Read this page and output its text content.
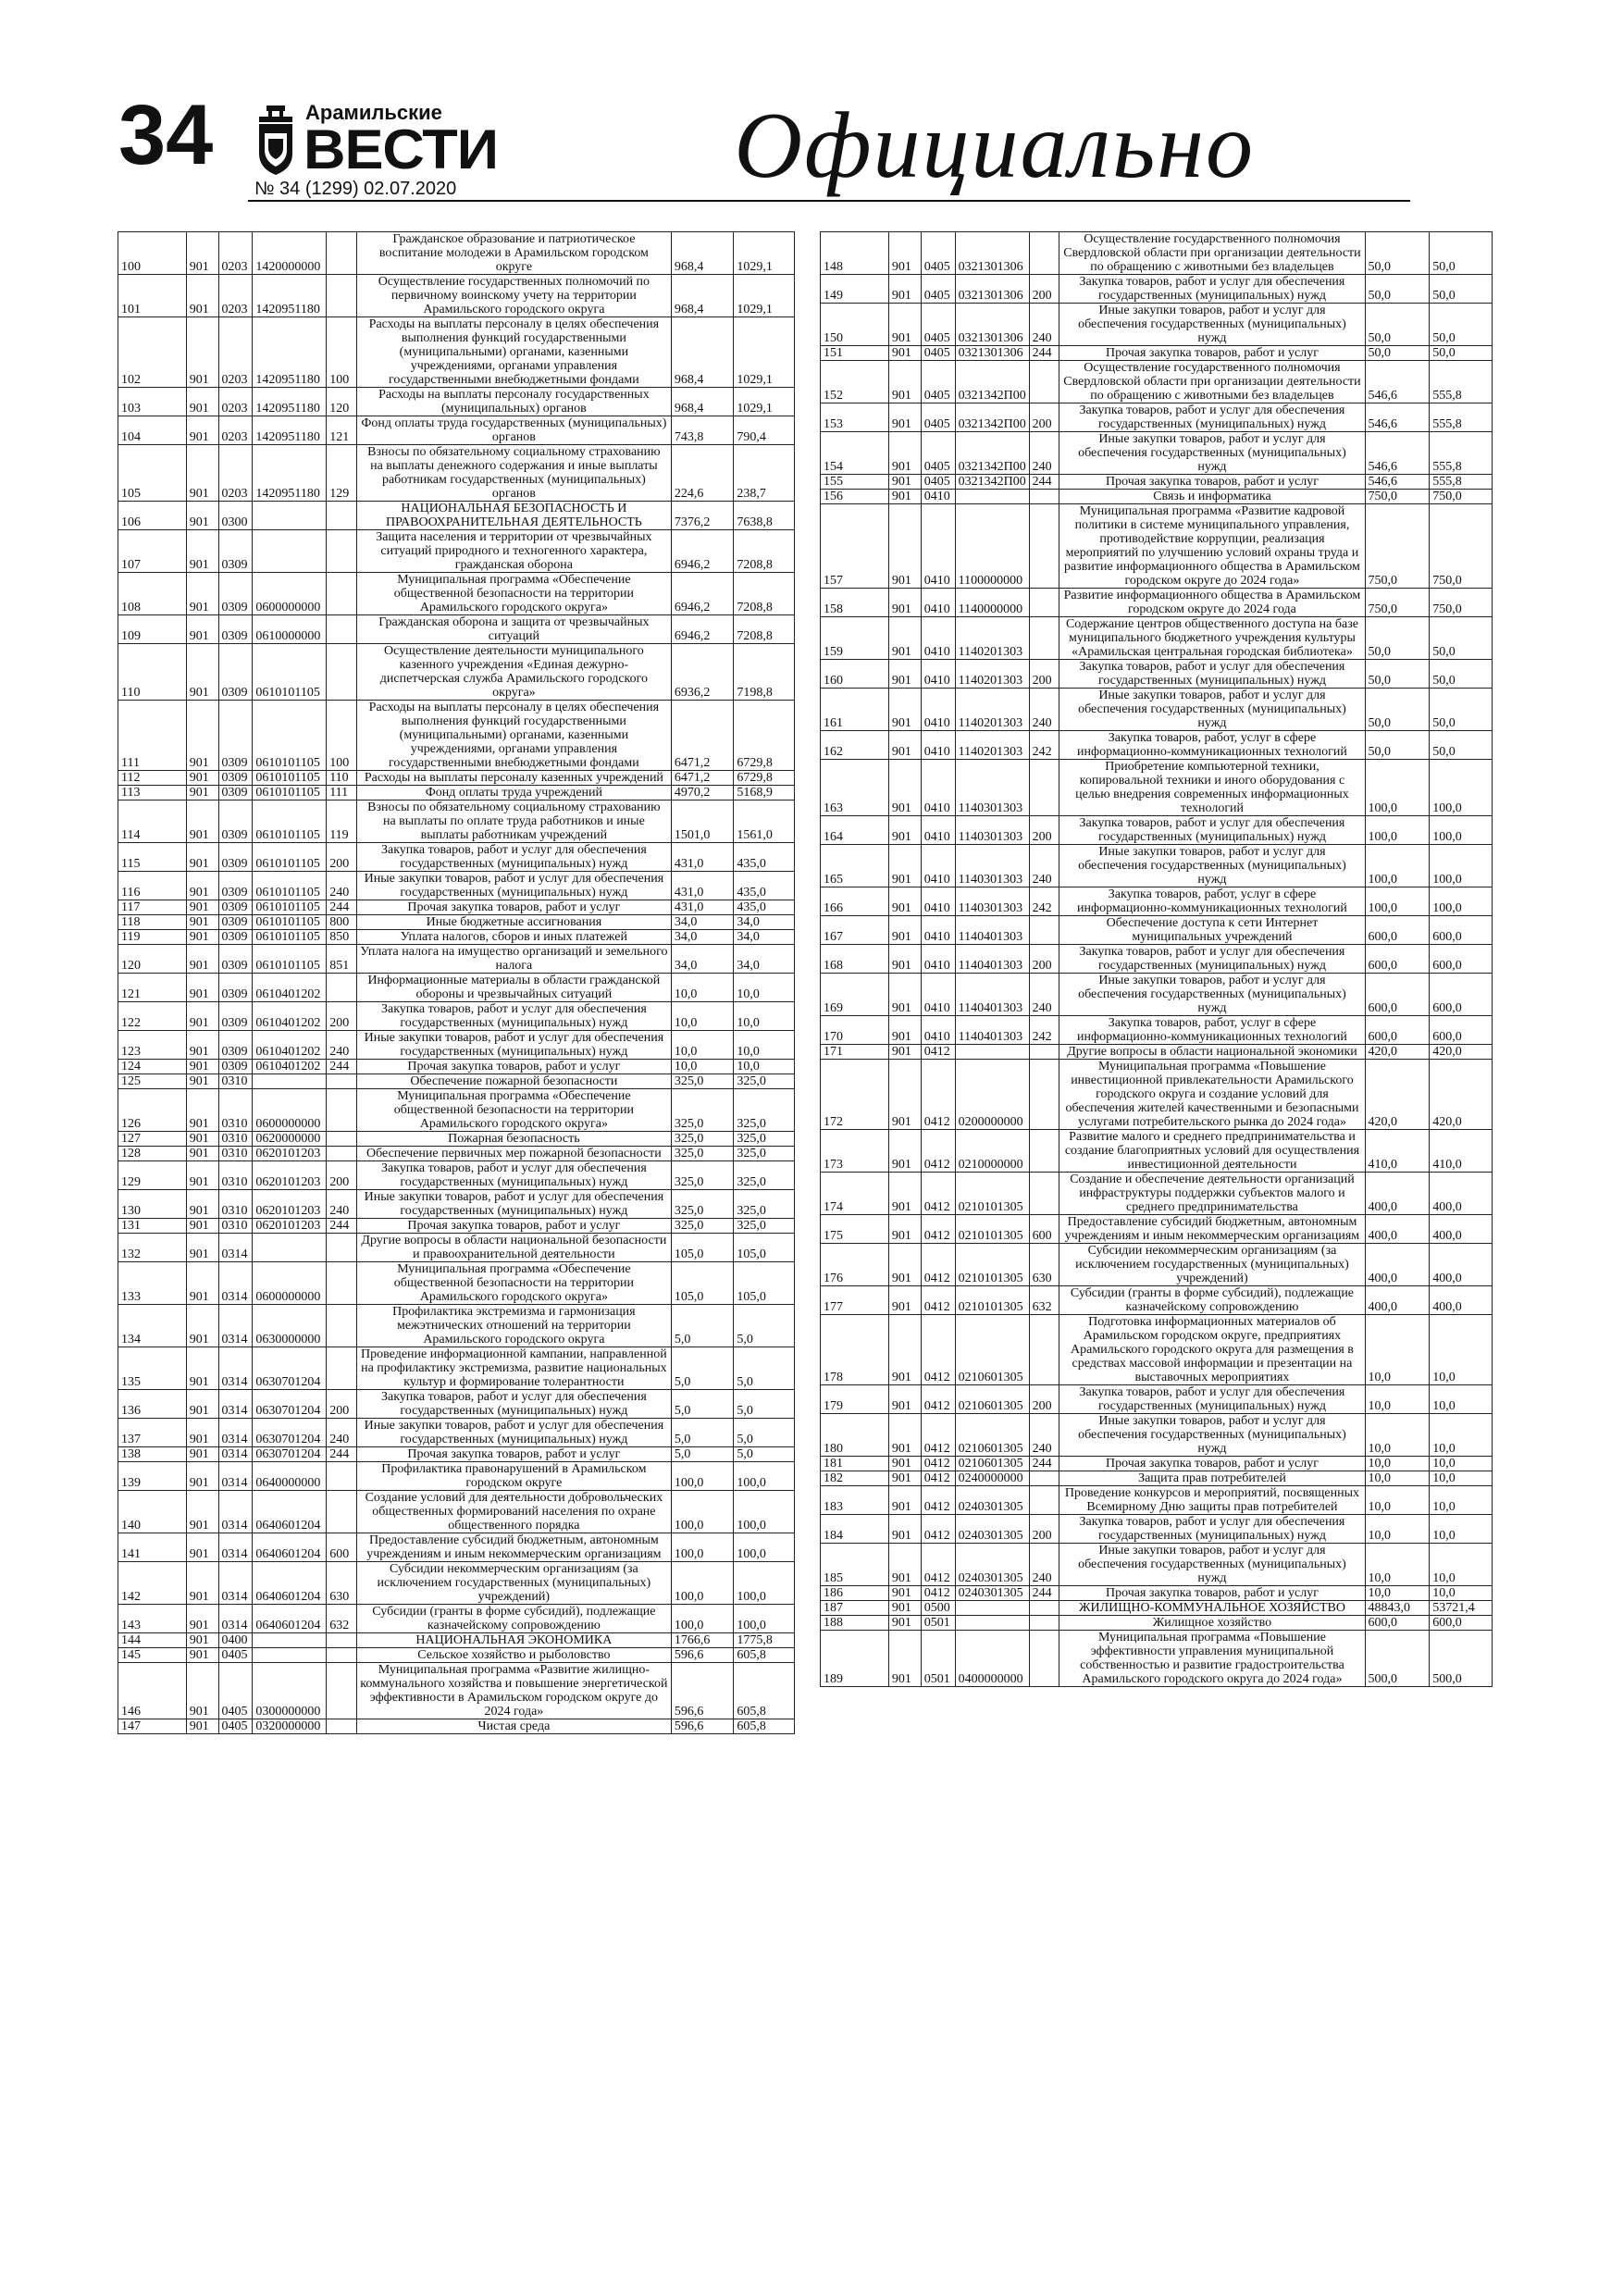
34	Арамильские
ВЕСТИ
№ 34 (1299) 02.07.2020	Официально
100	901	0203	1420000000		Гражданское образование и патриотическое воспитание молодежи в Арамильском городском округе	968,4	1029,1
101	901	0203	1420951180		Осуществление государственных полномочий по первичному воинскому учету на территории Арамильского городского округа	968,4	1029,1
102	901	0203	1420951180	100	Расходы на выплаты персоналу в целях обеспечения выполнения функций государственными (муниципальными) органами, казенными учреждениями, органами управления государственными внебюджетными фондами	968,4	1029,1
103	901	0203	1420951180	120	Расходы на выплаты персоналу государственных (муниципальных) органов	968,4	1029,1
104	901	0203	1420951180	121	Фонд оплаты труда государственных (муниципальных) органов	743,8	790,4
105	901	0203	1420951180	129	Взносы по обязательному социальному страхованию на выплаты денежного содержания и иные выплаты работникам государственных (муниципальных) органов	224,6	238,7
106	901	0300			НАЦИОНАЛЬНАЯ БЕЗОПАСНОСТЬ И ПРАВООХРАНИТЕЛЬНАЯ ДЕЯТЕЛЬНОСТЬ	7376,2	7638,8
107	901	0309			Защита населения и территории от чрезвычайных ситуаций природного и техногенного характера, гражданская оборона	6946,2	7208,8
108	901	0309	0600000000		Муниципальная программа «Обеспечение общественной безопасности на территории Арамильского городского округа»	6946,2	7208,8
109	901	0309	0610000000		Гражданская оборона и защита от чрезвычайных ситуаций	6946,2	7208,8
110	901	0309	0610101105		Осуществление деятельности муниципального казенного учреждения «Единая дежурно-диспетчерская служба Арамильского городского округа»	6936,2	7198,8
111	901	0309	0610101105	100	Расходы на выплаты персоналу в целях обеспечения выполнения функций государственными (муниципальными) органами, казенными учреждениями, органами управления государственными внебюджетными фондами	6471,2	6729,8
112	901	0309	0610101105	110	Расходы на выплаты персоналу казенных учреждений	6471,2	6729,8
113	901	0309	0610101105	111	Фонд оплаты труда учреждений	4970,2	5168,9
114	901	0309	0610101105	119	Взносы по обязательному социальному страхованию на выплаты по оплате труда работников и иные выплаты работникам учреждений	1501,0	1561,0
115	901	0309	0610101105	200	Закупка товаров, работ и услуг для обеспечения государственных (муниципальных) нужд	431,0	435,0
116	901	0309	0610101105	240	Иные закупки товаров, работ и услуг для обеспечения государственных (муниципальных) нужд	431,0	435,0
117	901	0309	0610101105	244	Прочая закупка товаров, работ и услуг	431,0	435,0
118	901	0309	0610101105	800	Иные бюджетные ассигнования	34,0	34,0
119	901	0309	0610101105	850	Уплата налогов, сборов и иных платежей	34,0	34,0
120	901	0309	0610101105	851	Уплата налога на имущество организаций и земельного налога	34,0	34,0
121	901	0309	0610401202		Информационные материалы в области гражданской обороны и чрезвычайных ситуаций	10,0	10,0
122	901	0309	0610401202	200	Закупка товаров, работ и услуг для обеспечения государственных (муниципальных) нужд	10,0	10,0
123	901	0309	0610401202	240	Иные закупки товаров, работ и услуг для обеспечения государственных (муниципальных) нужд	10,0	10,0
124	901	0309	0610401202	244	Прочая закупка товаров, работ и услуг	10,0	10,0
125	901	0310			Обеспечение пожарной безопасности	325,0	325,0
126	901	0310	0600000000		Муниципальная программа «Обеспечение общественной безопасности на территории Арамильского городского округа»	325,0	325,0
127	901	0310	0620000000		Пожарная безопасность	325,0	325,0
128	901	0310	0620101203		Обеспечение первичных мер пожарной безопасности	325,0	325,0
129	901	0310	0620101203	200	Закупка товаров, работ и услуг для обеспечения государственных (муниципальных) нужд	325,0	325,0
130	901	0310	0620101203	240	Иные закупки товаров, работ и услуг для обеспечения государственных (муниципальных) нужд	325,0	325,0
131	901	0310	0620101203	244	Прочая закупка товаров, работ и услуг	325,0	325,0
132	901	0314			Другие вопросы в области национальной безопасности и правоохранительной деятельности	105,0	105,0
133	901	0314	0600000000		Муниципальная программа «Обеспечение общественной безопасности на территории Арамильского городского округа»	105,0	105,0
134	901	0314	0630000000		Профилактика экстремизма и гармонизация межэтнических отношений на территории Арамильского городского округа	5,0	5,0
135	901	0314	0630701204		Проведение информационной кампании, направленной на профилактику экстремизма, развитие национальных культур и формирование толерантности	5,0	5,0
136	901	0314	0630701204	200	Закупка товаров, работ и услуг для обеспечения государственных (муниципальных) нужд	5,0	5,0
137	901	0314	0630701204	240	Иные закупки товаров, работ и услуг для обеспечения государственных (муниципальных) нужд	5,0	5,0
138	901	0314	0630701204	244	Прочая закупка товаров, работ и услуг	5,0	5,0
139	901	0314	0640000000		Профилактика правонарушений в Арамильском городском округе	100,0	100,0
140	901	0314	0640601204		Создание условий для деятельности добровольческих общественных формирований населения по охране общественного порядка	100,0	100,0
141	901	0314	0640601204	600	Предоставление субсидий бюджетным, автономным учреждениям и иным некоммерческим организациям	100,0	100,0
142	901	0314	0640601204	630	Субсидии некоммерческим организациям (за исключением государственных (муниципальных) учреждений)	100,0	100,0
143	901	0314	0640601204	632	Субсидии (гранты в форме субсидий), подлежащие казначейскому сопровождению	100,0	100,0
144	901	0400			НАЦИОНАЛЬНАЯ ЭКОНОМИКА	1766,6	1775,8
145	901	0405			Сельское хозяйство и рыболовство	596,6	605,8
146	901	0405	0300000000		Муниципальная программа «Развитие жилищно-коммунального хозяйства и повышение энергетической эффективности в Арамильском городском округе до 2024 года»	596,6	605,8
147	901	0405	0320000000		Чистая среда	596,6	605,8
148	901	0405	0321301306		Осуществление государственного полномочия Свердловской области при организации деятельности по обращению с животными без владельцев	50,0	50,0
149	901	0405	0321301306	200	Закупка товаров, работ и услуг для обеспечения государственных (муниципальных) нужд	50,0	50,0
150	901	0405	0321301306	240	Иные закупки товаров, работ и услуг для обеспечения государственных (муниципальных) нужд	50,0	50,0
151	901	0405	0321301306	244	Прочая закупка товаров, работ и услуг	50,0	50,0
152	901	0405	0321342П00		Осуществление государственного полномочия Свердловской области при организации деятельности по обращению с животными без владельцев	546,6	555,8
153	901	0405	0321342П00	200	Закупка товаров, работ и услуг для обеспечения государственных (муниципальных) нужд	546,6	555,8
154	901	0405	0321342П00	240	Иные закупки товаров, работ и услуг для обеспечения государственных (муниципальных) нужд	546,6	555,8
155	901	0405	0321342П00	244	Прочая закупка товаров, работ и услуг	546,6	555,8
156	901	0410			Связь и информатика	750,0	750,0
157	901	0410	1100000000		Муниципальная программа «Развитие кадровой политики в системе муниципального управления, противодействие коррупции, реализация мероприятий по улучшению условий охраны труда и развитие информационного общества в Арамильском городском округе до 2024 года»	750,0	750,0
158	901	0410	1140000000		Развитие информационного общества в Арамильском городском округе до 2024 года	750,0	750,0
159	901	0410	1140201303		Содержание центров общественного доступа на базе муниципального бюджетного учреждения культуры «Арамильская центральная городская библиотека»	50,0	50,0
160	901	0410	1140201303	200	Закупка товаров, работ и услуг для обеспечения государственных (муниципальных) нужд	50,0	50,0
161	901	0410	1140201303	240	Иные закупки товаров, работ и услуг для обеспечения государственных (муниципальных) нужд	50,0	50,0
162	901	0410	1140201303	242	Закупка товаров, работ, услуг в сфере информационно-коммуникационных технологий	50,0	50,0
163	901	0410	1140301303		Приобретение компьютерной техники, копировальной техники и иного оборудования с целью внедрения современных информационных технологий	100,0	100,0
164	901	0410	1140301303	200	Закупка товаров, работ и услуг для обеспечения государственных (муниципальных) нужд	100,0	100,0
165	901	0410	1140301303	240	Иные закупки товаров, работ и услуг для обеспечения государственных (муниципальных) нужд	100,0	100,0
166	901	0410	1140301303	242	Закупка товаров, работ, услуг в сфере информационно-коммуникационных технологий	100,0	100,0
167	901	0410	1140401303		Обеспечение доступа к сети Интернет муниципальных учреждений	600,0	600,0
168	901	0410	1140401303	200	Закупка товаров, работ и услуг для обеспечения государственных (муниципальных) нужд	600,0	600,0
169	901	0410	1140401303	240	Иные закупки товаров, работ и услуг для обеспечения государственных (муниципальных) нужд	600,0	600,0
170	901	0410	1140401303	242	Закупка товаров, работ, услуг в сфере информационно-коммуникационных технологий	600,0	600,0
171	901	0412			Другие вопросы в области национальной экономики	420,0	420,0
172	901	0412	0200000000		Муниципальная программа «Повышение инвестиционной привлекательности Арамильского городского округа и создание условий для обеспечения жителей качественными и безопасными услугами потребительского рынка до 2024 года»	420,0	420,0
173	901	0412	0210000000		Развитие малого и среднего предпринимательства и создание благоприятных условий для осуществления инвестиционной деятельности	410,0	410,0
174	901	0412	0210101305		Создание и обеспечение деятельности организаций инфраструктуры поддержки субъектов малого и среднего предпринимательства	400,0	400,0
175	901	0412	0210101305	600	Предоставление субсидий бюджетным, автономным учреждениям и иным некоммерческим организациям	400,0	400,0
176	901	0412	0210101305	630	Субсидии некоммерческим организациям (за исключением государственных (муниципальных) учреждений)	400,0	400,0
177	901	0412	0210101305	632	Субсидии (гранты в форме субсидий), подлежащие казначейскому сопровождению	400,0	400,0
178	901	0412	0210601305		Подготовка информационных материалов об Арамильском городском округе, предприятиях Арамильского городского округа для размещения в средствах массовой информации и презентации на выставочных мероприятиях	10,0	10,0
179	901	0412	0210601305	200	Закупка товаров, работ и услуг для обеспечения государственных (муниципальных) нужд	10,0	10,0
180	901	0412	0210601305	240	Иные закупки товаров, работ и услуг для обеспечения государственных (муниципальных) нужд	10,0	10,0
181	901	0412	0210601305	244	Прочая закупка товаров, работ и услуг	10,0	10,0
182	901	0412	0240000000		Защита прав потребителей	10,0	10,0
183	901	0412	0240301305		Проведение конкурсов и мероприятий, посвященных Всемирному Дню защиты прав потребителей	10,0	10,0
184	901	0412	0240301305	200	Закупка товаров, работ и услуг для обеспечения государственных (муниципальных) нужд	10,0	10,0
185	901	0412	0240301305	240	Иные закупки товаров, работ и услуг для обеспечения государственных (муниципальных) нужд	10,0	10,0
186	901	0412	0240301305	244	Прочая закупка товаров, работ и услуг	10,0	10,0
187	901	0500			ЖИЛИЩНО-КОММУНАЛЬНОЕ ХОЗЯЙСТВО	48843,0	53721,4
188	901	0501			Жилищное хозяйство	600,0	600,0
189	901	0501	0400000000		Муниципальная программа «Повышение эффективности управления муниципальной собственностью и развитие градостроительства Арамильского городского округа до 2024 года»	500,0	500,0
